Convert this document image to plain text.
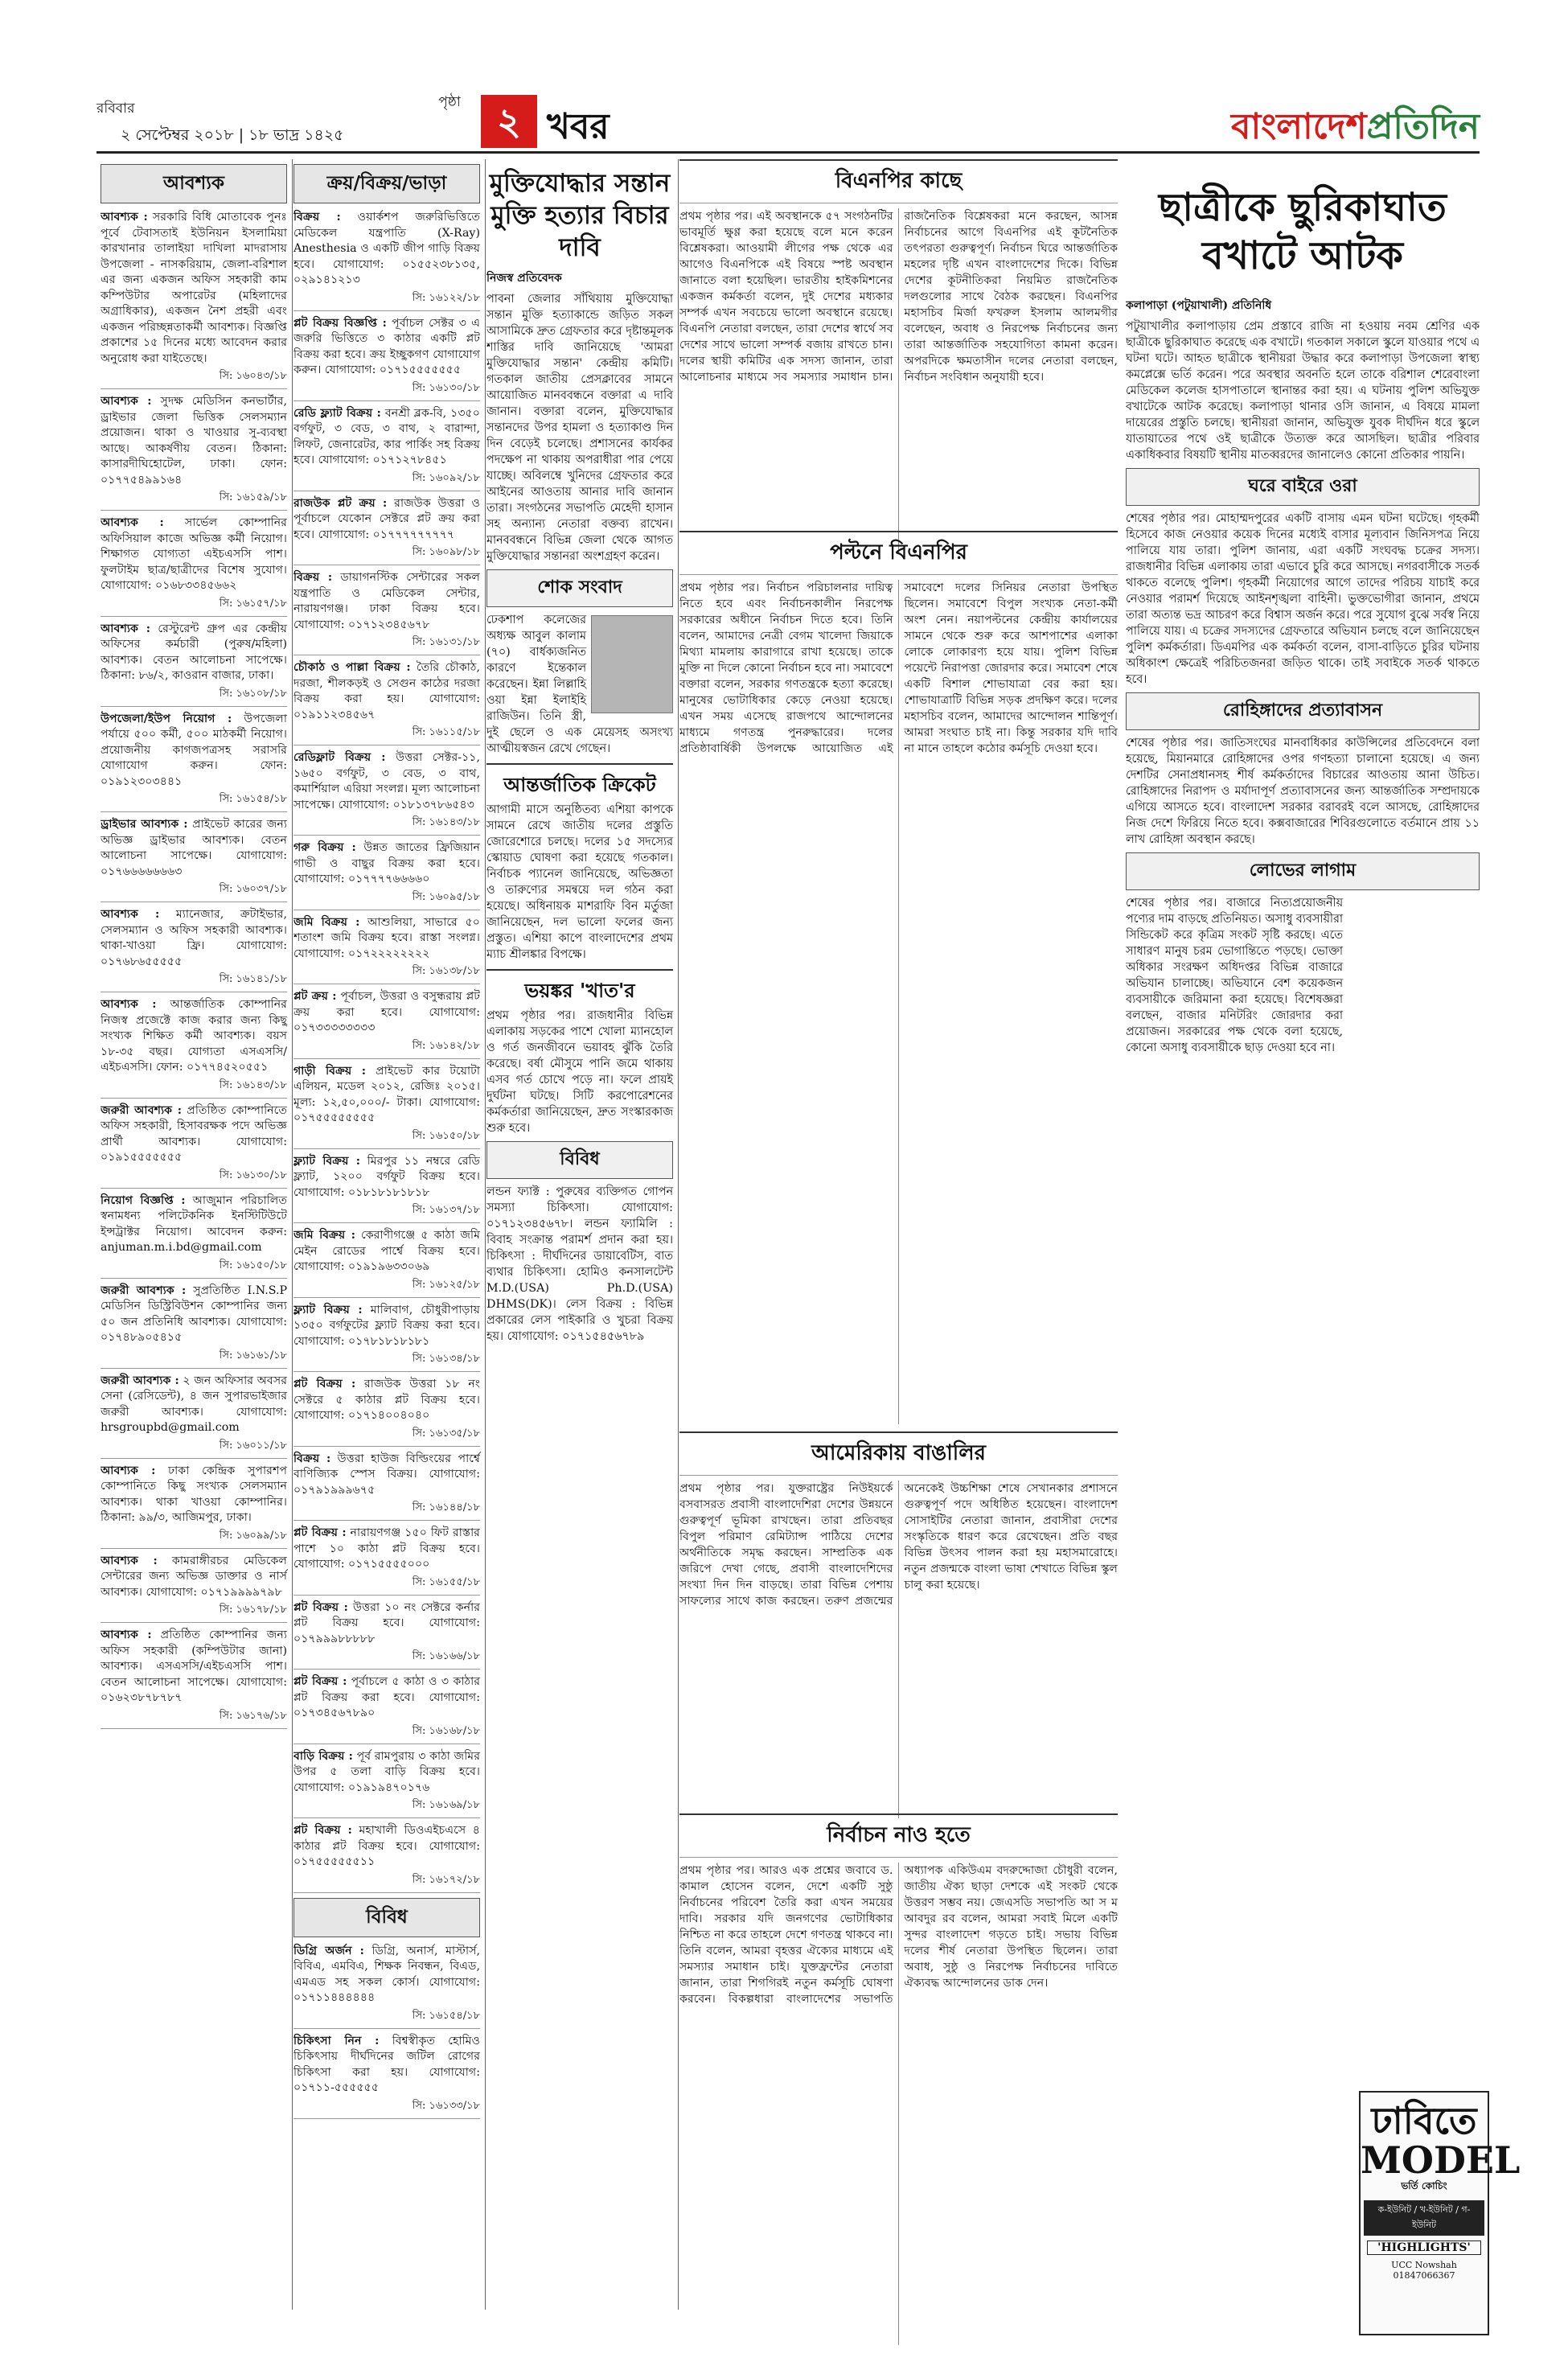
রবিবার
২ সেপ্টেম্বর ২০১৮ | ১৮ ভাদ্র ১৪২৫
পৃষ্ঠা ২ খবর	বাংলাদেশপ্রতিদিন
আবশ্যক
আবশ্যক : সরকারি বিধি মোতাবেক পুনঃ পূর্বে টেবাসতাই ইউনিয়ন ইসলামিয়া কারখানার তালাইয়া দাখিলা মাদরাসায় উপজেলা - নাসকরিয়াম, জেলা-বরিশাল এর জন্য একজন অফিস সহকারী কাম কম্পিউটার অপারেটর (মহিলাদের অগ্রাধিকার), একজন নৈশ প্রহরী এবং একজন পরিচ্ছন্নতাকর্মী আবশ্যক। বিজ্ঞপ্তি প্রকাশের ১৫ দিনের মধ্যে আবেদন করার অনুরোধ করা যাইতেছে।
সি: ১৬০৪৩/১৮
আবশ্যক : সুদক্ষ মেডিসিন কনভার্টার, ড্রাইভার জেলা ভিত্তিক সেলসম্যান প্রয়োজন। থাকা ও খাওয়ার সু-ব্যবস্থা আছে। আকর্ষণীয় বেতন। ঠিকানা: কাসারদীঘিহোটেল, ঢাকা। ফোন: ০১৭৭৫৪৯৯১৬৪
সি: ১৬১৫৯/১৮
আবশ্যক : সার্ভেল কোম্পানির অফিসিয়াল কাজে অভিজ্ঞ কর্মী নিয়োগ। শিক্ষাগত যোগ্যতা এইচএসসি পাশ। ফুলটাইম ছাত্র/ছাত্রীদের বিশেষ সুযোগ। যোগাযোগ: ০১৬৮৩৩৪৫৬৬২
সি: ১৬১৫৭/১৮
আবশ্যক : রেস্টুরেন্ট গ্রুপ এর কেন্দ্রীয় অফিসের কর্মচারী (পুরুষ/মহিলা) আবশ্যক। বেতন আলোচনা সাপেক্ষে। ঠিকানা: ৮৬/২, কাওরান বাজার, ঢাকা।
সি: ১৬১০৮/১৮
উপজেলা/ইউপ নিয়োগ : উপজেলা পর্যায়ে ৫০০ কর্মী, ৫০০ মাঠকর্মী নিয়োগ। প্রয়োজনীয় কাগজপত্রসহ সরাসরি যোগাযোগ করুন। ফোন: ০১৯১২৩০৩৪৪১
সি: ১৬১৫৪/১৮
ড্রাইভার আবশ্যক : প্রাইভেট কারের জন্য অভিজ্ঞ ড্রাইভার আবশ্যক। বেতন আলোচনা সাপেক্ষে। যোগাযোগ: ০১৭৬৬৬৬৬৬৬৩
সি: ১৬০৩৭/১৮
আবশ্যক : ম্যানেজার, ক্রটাইভার, সেলসম্যান ও অফিস সহকারী আবশ্যক। থাকা-খাওয়া ফ্রি। যোগাযোগ: ০১৭৬৮৬৫৫৫৫৫
সি: ১৬১৪১/১৮
আবশ্যক : আন্তর্জাতিক কোম্পানির নিজস্ব প্রজেক্টে কাজ করার জন্য কিছু সংখ্যক শিক্ষিত কর্মী আবশ্যক। বয়স ১৮-৩৫ বছর। যোগ্যতা এসএসসি/এইচএসসি। ফোন: ০১৭৭৪৫২০৫৫১
সি: ১৬১৪৩/১৮
জরুরী আবশ্যক : প্রতিষ্ঠিত কোম্পানিতে অফিস সহকারী, হিসাবরক্ষক পদে অভিজ্ঞ প্রার্থী আবশ্যক। যোগাযোগ: ০১৯১৫৫৫৫৫৫৫
সি: ১৬১৩০/১৮
নিয়োগ বিজ্ঞপ্তি : আজুমান পরিচালিত স্বনামধন্য পলিটেকনিক ইনস্টিটিউটে ইন্সট্রাক্টর নিয়োগ। আবেদন করুন: anjuman.m.i.bd@gmail.com
সি: ১৬১৫০/১৮
জরুরী আবশ্যক : সুপ্রতিষ্ঠিত I.N.S.P মেডিসিন ডিস্ট্রিবিউশন কোম্পানির জন্য ৫০ জন প্রতিনিধি আবশ্যক। যোগাযোগ: ০১৭৪৮৯০৫৪১৫
সি: ১৬১৬১/১৮
জরুরী আবশ্যক : ২ জন অফিসার অবসর সেনা (রেসিডেন্ট), ৪ জন সুপারভাইজার জরুরী আবশ্যক। যোগাযোগ: hrsgroupbd@gmail.com
সি: ১৬০১১/১৮
আবশ্যক : ঢাকা কেন্দ্রিক সুপারশপ কোম্পানিতে কিছু সংখ্যক সেলসম্যান আবশ্যক। থাকা খাওয়া কোম্পানির। ঠিকানা: ৯৯/৩, আজিমপুর, ঢাকা।
সি: ১৬০৯৯/১৮
আবশ্যক : কামরাঙ্গীরচর মেডিকেল সেন্টারের জন্য অভিজ্ঞ ডাক্তার ও নার্স আবশ্যক। যোগাযোগ: ০১৭১৯৯৯৯৭৯৮
সি: ১৬১৭৮/১৮
আবশ্যক : প্রতিষ্ঠিত কোম্পানির জন্য অফিস সহকারী (কম্পিউটার জানা) আবশ্যক। এসএসসি/এইচএসসি পাশ। বেতন আলোচনা সাপেক্ষে। যোগাযোগ: ০১৬২৩৮৭৮৭৮৭
সি: ১৬১৭৬/১৮
ক্রয়/বিক্রয়/ভাড়া
বিক্রয় : ওয়ার্কশপ জরুরিভিত্তিতে মেডিকেল যন্ত্রপাতি (X-Ray) Anesthesia ও একটি জীপ গাড়ি বিক্রয় হবে। যোগাযোগ: ০১৫৫২৩৮১৩৫, ০২৯১৪১২১৩
সি: ১৬১২২/১৮
প্লট বিক্রয় বিজ্ঞপ্তি : পূর্বাচল সেক্টর ৩ এ জরুরি ভিত্তিতে ৩ কাঠার একটি প্লট বিক্রয় করা হবে। ক্রয় ইচ্ছুকগণ যোগাযোগ করুন। যোগাযোগ: ০১৭১৫৫৫৫৫৫৫
সি: ১৬১৩০/১৮
রেডি ফ্ল্যাট বিক্রয় : বনশ্রী ব্লক-বি, ১৩৫০ বর্গফুট, ৩ বেড, ৩ বাথ, ২ বারান্দা, লিফট, জেনারেটর, কার পার্কিং সহ বিক্রয় হবে। যোগাযোগ: ০১৭১২৭৮৪৫১
সি: ১৬০৯২/১৮
রাজউক প্লট ক্রয় : রাজউক উত্তরা ও পূর্বাচলে যেকোন সেক্টরে প্লট ক্রয় করা হবে। যোগাযোগ: ০১৭৭৭৭৭৭৭৭৭
সি: ১৬০৯৮/১৮
বিক্রয় : ডায়াগনস্টিক সেন্টারের সকল যন্ত্রপাতি ও মেডিকেল সেন্টার, নারায়ণগঞ্জ। ঢাকা বিক্রয় হবে। যোগাযোগ: ০১৭১২৩৪৫৬৭৮
সি: ১৬১৩১/১৮
চৌকাঠ ও পাল্লা বিক্রয় : তৈরি চৌকাঠ, দরজা, শীলকড়ই ও সেগুন কাঠের দরজা বিক্রয় করা হয়। যোগাযোগ: ০১৯১১২৩৪৫৬৭
সি: ১৬১১৫/১৮
রেডিফ্লাট বিক্রয় : উত্তরা সেক্টর-১১, ১৬৫০ বর্গফুট, ৩ বেড, ৩ বাথ, কমার্শিয়াল এরিয়া সংলগ্ন। মূল্য আলোচনা সাপেক্ষে। যোগাযোগ: ০১৮১৩৭৮৬৫৪৩
সি: ১৬১৪৩/১৮
গরু বিক্রয় : উন্নত জাতের ফ্রিজিয়ান গাভী ও বাছুর বিক্রয় করা হবে। যোগাযোগ: ০১৭৭৭৭৬৬৬৬০
সি: ১৬০৯৫/১৮
জমি বিক্রয় : আশুলিয়া, সাভারে ৫০ শতাংশ জমি বিক্রয় হবে। রাস্তা সংলগ্ন। যোগাযোগ: ০১৭২২২২২২২২
সি: ১৬১৩৮/১৮
প্লট ক্রয় : পূর্বাচল, উত্তরা ও বসুন্ধরায় প্লট ক্রয় করা হবে। যোগাযোগ: ০১৭৩৩৩৩৩৩৩৩
সি: ১৬১৪২/১৮
গাড়ী বিক্রয় : প্রাইভেট কার টয়োটা এলিয়ন, মডেল ২০১২, রেজিঃ ২০১৫। মূল্য: ১২,৫০,০০০/- টাকা। যোগাযোগ: ০১৭৫৫৫৫৫৫৫৫
সি: ১৬১৫০/১৮
ফ্ল্যাট বিক্রয় : মিরপুর ১১ নম্বরে রেডি ফ্ল্যাট, ১২০০ বর্গফুট বিক্রয় হবে। যোগাযোগ: ০১৮১৮১৮১৮১৮
সি: ১৬১৩৭/১৮
জমি বিক্রয় : কেরাণীগঞ্জে ৫ কাঠা জমি মেইন রোডের পার্শ্বে বিক্রয় হবে। যোগাযোগ: ০১৯১৯৬৩৩০৬৯
সি: ১৬১২৫/১৮
ফ্ল্যাট বিক্রয় : মালিবাগ, চৌধুরীপাড়ায় ১৩৫০ বর্গফুটের ফ্ল্যাট বিক্রয় করা হবে। যোগাযোগ: ০১৭৮১৮১৮১৮১
সি: ১৬১৩৪/১৮
প্লট বিক্রয় : রাজউক উত্তরা ১৮ নং সেক্টরে ৫ কাঠার প্লট বিক্রয় হবে। যোগাযোগ: ০১৭১৪০০৪০৪০
সি: ১৬১৩৫/১৮
বিক্রয় : উত্তরা হাউজ বিল্ডিংয়ের পার্শ্বে বাণিজ্যিক স্পেস বিক্রয়। যোগাযোগ: ০১৭৯১৯৯৯৬৭৫
সি: ১৬১৪৪/১৮
প্লট বিক্রয় : নারায়ণগঞ্জ ১৫০ ফিট রাস্তার পাশে ১০ কাঠা প্লট বিক্রয় হবে। যোগাযোগ: ০১৭১৫৫৫৫০০০
সি: ১৬১৫৫/১৮
প্লট বিক্রয় : উত্তরা ১০ নং সেক্টরে কর্নার প্লট বিক্রয় হবে। যোগাযোগ: ০১৭৯৯৯৮৮৮৮৮
সি: ১৬১৬৬/১৮
প্লট বিক্রয় : পূর্বাচলে ৫ কাঠা ও ৩ কাঠার প্লট বিক্রয় করা হবে। যোগাযোগ: ০১৭৩৪৫৬৭৮৯০
সি: ১৬১৬৮/১৮
বাড়ি বিক্রয় : পূর্ব রামপুরায় ৩ কাঠা জমির উপর ৫ তলা বাড়ি বিক্রয় হবে। যোগাযোগ: ০১৯১৯৪৭০১৭৬
সি: ১৬১৬৯/১৮
প্লট বিক্রয় : মহাখালী ডিওএইচএসে ৪ কাঠার প্লট বিক্রয় হবে। যোগাযোগ: ০১৭৫৫৫৫৫৫১১
সি: ১৬১৭২/১৮
বিবিধ
ডিগ্রি অর্জন : ডিগ্রি, অনার্স, মাস্টার্স, বিবিএ, এমবিএ, শিক্ষক নিবন্ধন, বিএড, এমএড সহ সকল কোর্স। যোগাযোগ: ০১৭১১৪৪৪৪৪৪
সি: ১৬১৫৪/১৮
চিকিৎসা নিন : বিশ্বস্বীকৃত হোমিও চিকিৎসায় দীর্ঘদিনের জটিল রোগের চিকিৎসা করা হয়। যোগাযোগ: ০১৭১১-৫৫৫৫৫৫
সি: ১৬১৩৩/১৮
মুক্তিযোদ্ধার সন্তান মুক্তি হত্যার বিচার দাবি
নিজস্ব প্রতিবেদক
পাবনা জেলার সাঁথিয়ায় মুক্তিযোদ্ধা সন্তান মুক্তি হত্যাকান্ডে জড়িত সকল আসামিকে দ্রুত গ্রেফতার করে দৃষ্টান্তমূলক শাস্তির দাবি জানিয়েছে 'আমরা মুক্তিযোদ্ধার সন্তান' কেন্দ্রীয় কমিটি। গতকাল জাতীয় প্রেসক্লাবের সামনে আয়োজিত মানববন্ধনে বক্তারা এ দাবি জানান। বক্তারা বলেন, মুক্তিযোদ্ধার সন্তানদের উপর হামলা ও হত্যাকাণ্ড দিন দিন বেড়েই চলেছে। প্রশাসনের কার্যকর পদক্ষেপ না থাকায় অপরাধীরা পার পেয়ে যাচ্ছে। অবিলম্বে খুনিদের গ্রেফতার করে আইনের আওতায় আনার দাবি জানান তারা। সংগঠনের সভাপতি মেহেদী হাসান সহ অন্যান্য নেতারা বক্তব্য রাখেন। মানববন্ধনে বিভিন্ন জেলা থেকে আগত মুক্তিযোদ্ধার সন্তানরা অংশগ্রহণ করেন।
শোক সংবাদ
ঢেকশাপ কলেজের অধ্যক্ষ আবুল কালাম (৭০) বার্ধক্যজনিত কারণে ইন্তেকাল করেছেন। ইন্না লিল্লাহি ওয়া ইন্না ইলাইহি রাজিউন। তিনি স্ত্রী, দুই ছেলে ও এক মেয়েসহ অসংখ্য আত্মীয়স্বজন রেখে গেছেন।
আন্তর্জাতিক ক্রিকেট
আগামী মাসে অনুষ্ঠিতব্য এশিয়া কাপকে সামনে রেখে জাতীয় দলের প্রস্তুতি জোরেশোরে চলছে। দলের ১৫ সদস্যের স্কোয়াড ঘোষণা করা হয়েছে গতকাল। নির্বাচক প্যানেল জানিয়েছে, অভিজ্ঞতা ও তারুণ্যের সমন্বয়ে দল গঠন করা হয়েছে। অধিনায়ক মাশরাফি বিন মর্তুজা জানিয়েছেন, দল ভালো ফলের জন্য প্রস্তুত। এশিয়া কাপে বাংলাদেশের প্রথম ম্যাচ শ্রীলঙ্কার বিপক্ষে।
ভয়ঙ্কর 'খাত'র
প্রথম পৃষ্ঠার পর। রাজধানীর বিভিন্ন এলাকায় সড়কের পাশে খোলা ম্যানহোল ও গর্ত জনজীবনে ভয়াবহ ঝুঁকি তৈরি করেছে। বর্ষা মৌসুমে পানি জমে থাকায় এসব গর্ত চোখে পড়ে না। ফলে প্রায়ই দুর্ঘটনা ঘটছে। সিটি করপোরেশনের কর্মকর্তারা জানিয়েছেন, দ্রুত সংস্কারকাজ শুরু হবে।
বিবিধ
লন্ডন ফ্যাক্ট : পুরুষের ব্যক্তিগত গোপন সমস্যা চিকিৎসা। যোগাযোগ: ০১৭১২৩৪৫৬৭৮। লন্ডন ফ্যামিলি : বিবাহ সংক্রান্ত পরামর্শ প্রদান করা হয়। চিকিৎসা : দীর্ঘদিনের ডায়াবেটিস, বাত ব্যথার চিকিৎসা। হোমিও কনসালটেন্ট M.D.(USA) Ph.D.(USA) DHMS(DK)। লেস বিক্রয় : বিভিন্ন প্রকারের লেস পাইকারি ও খুচরা বিক্রয় হয়। যোগাযোগ: ০১৭১৫৪৫৬৭৮৯
বিএনপির কাছে
প্রথম পৃষ্ঠার পর। এই অবস্থানকে ৫৭ সংগঠনটির ভাবমূর্তি ক্ষুণ্ণ করা হয়েছে বলে মনে করেন বিশ্লেষকরা। আওয়ামী লীগের পক্ষ থেকে এর আগেও বিএনপিকে এই বিষয়ে স্পষ্ট অবস্থান জানাতে বলা হয়েছিল। ভারতীয় হাইকমিশনের একজন কর্মকর্তা বলেন, দুই দেশের মধ্যকার সম্পর্ক এখন সবচেয়ে ভালো অবস্থানে রয়েছে। বিএনপি নেতারা বলছেন, তারা দেশের স্বার্থে সব দেশের সাথে ভালো সম্পর্ক বজায় রাখতে চান। দলের স্থায়ী কমিটির এক সদস্য জানান, তারা আলোচনার মাধ্যমে সব সমস্যার সমাধান চান। রাজনৈতিক বিশ্লেষকরা মনে করছেন, আসন্ন নির্বাচনের আগে বিএনপির এই কূটনৈতিক তৎপরতা গুরুত্বপূর্ণ। নির্বাচন ঘিরে আন্তর্জাতিক মহলের দৃষ্টি এখন বাংলাদেশের দিকে। বিভিন্ন দেশের কূটনীতিকরা নিয়মিত রাজনৈতিক দলগুলোর সাথে বৈঠক করছেন। বিএনপির মহাসচিব মির্জা ফখরুল ইসলাম আলমগীর বলেছেন, অবাধ ও নিরপেক্ষ নির্বাচনের জন্য তারা আন্তর্জাতিক সহযোগিতা কামনা করেন। অপরদিকে ক্ষমতাসীন দলের নেতারা বলছেন, নির্বাচন সংবিধান অনুযায়ী হবে।
পল্টনে বিএনপির
প্রথম পৃষ্ঠার পর। নির্বাচন পরিচালনার দায়িত্ব নিতে হবে এবং নির্বাচনকালীন নিরপেক্ষ সরকারের অধীনে নির্বাচন দিতে হবে। তিনি বলেন, আমাদের নেত্রী বেগম খালেদা জিয়াকে মিথ্যা মামলায় কারাগারে রাখা হয়েছে। তাকে মুক্তি না দিলে কোনো নির্বাচন হবে না। সমাবেশে বক্তারা বলেন, সরকার গণতন্ত্রকে হত্যা করেছে। মানুষের ভোটাধিকার কেড়ে নেওয়া হয়েছে। এখন সময় এসেছে রাজপথে আন্দোলনের মাধ্যমে গণতন্ত্র পুনরুদ্ধারের। দলের প্রতিষ্ঠাবার্ষিকী উপলক্ষে আয়োজিত এই সমাবেশে দলের সিনিয়র নেতারা উপস্থিত ছিলেন। সমাবেশে বিপুল সংখ্যক নেতা-কর্মী অংশ নেন। নয়াপল্টনের কেন্দ্রীয় কার্যালয়ের সামনে থেকে শুরু করে আশপাশের এলাকা লোকে লোকারণ্য হয়ে যায়। পুলিশ বিভিন্ন পয়েন্টে নিরাপত্তা জোরদার করে। সমাবেশ শেষে একটি বিশাল শোভাযাত্রা বের করা হয়। শোভাযাত্রাটি বিভিন্ন সড়ক প্রদক্ষিণ করে। দলের মহাসচিব বলেন, আমাদের আন্দোলন শান্তিপূর্ণ। আমরা সংঘাত চাই না। কিন্তু সরকার যদি দাবি না মানে তাহলে কঠোর কর্মসূচি দেওয়া হবে।
আমেরিকায় বাঙালির
প্রথম পৃষ্ঠার পর। যুক্তরাষ্ট্রের নিউইয়র্কে বসবাসরত প্রবাসী বাংলাদেশিরা দেশের উন্নয়নে গুরুত্বপূর্ণ ভূমিকা রাখছেন। তারা প্রতিবছর বিপুল পরিমাণ রেমিট্যান্স পাঠিয়ে দেশের অর্থনীতিকে সমৃদ্ধ করছেন। সাম্প্রতিক এক জরিপে দেখা গেছে, প্রবাসী বাংলাদেশিদের সংখ্যা দিন দিন বাড়ছে। তারা বিভিন্ন পেশায় সাফল্যের সাথে কাজ করছেন। তরুণ প্রজন্মের অনেকেই উচ্চশিক্ষা শেষে সেখানকার প্রশাসনে গুরুত্বপূর্ণ পদে অধিষ্ঠিত হয়েছেন। বাংলাদেশ সোসাইটির নেতারা জানান, প্রবাসীরা দেশের সংস্কৃতিকে ধারণ করে রেখেছেন। প্রতি বছর বিভিন্ন উৎসব পালন করা হয় মহাসমারোহে। নতুন প্রজন্মকে বাংলা ভাষা শেখাতে বিভিন্ন স্কুল চালু করা হয়েছে।
নির্বাচন নাও হতে
প্রথম পৃষ্ঠার পর। আরও এক প্রশ্নের জবাবে ড. কামাল হোসেন বলেন, দেশে একটি সুষ্ঠু নির্বাচনের পরিবেশ তৈরি করা এখন সময়ের দাবি। সরকার যদি জনগণের ভোটাধিকার নিশ্চিত না করে তাহলে দেশে গণতন্ত্র থাকবে না। তিনি বলেন, আমরা বৃহত্তর ঐক্যের মাধ্যমে এই সমস্যার সমাধান চাই। যুক্তফ্রন্টের নেতারা জানান, তারা শিগগিরই নতুন কর্মসূচি ঘোষণা করবেন। বিকল্পধারা বাংলাদেশের সভাপতি অধ্যাপক একিউএম বদরুদ্দোজা চৌধুরী বলেন, জাতীয় ঐক্য ছাড়া দেশকে এই সংকট থেকে উত্তরণ সম্ভব নয়। জেএসডি সভাপতি আ স ম আবদুর রব বলেন, আমরা সবাই মিলে একটি সুন্দর বাংলাদেশ গড়তে চাই। সভায় বিভিন্ন দলের শীর্ষ নেতারা উপস্থিত ছিলেন। তারা অবাধ, সুষ্ঠু ও নিরপেক্ষ নির্বাচনের দাবিতে ঐক্যবদ্ধ আন্দোলনের ডাক দেন।
ছাত্রীকে ছুরিকাঘাত বখাটে আটক
কলাপাড়া (পটুয়াখালী) প্রতিনিধি
পটুয়াখালীর কলাপাড়ায় প্রেম প্রস্তাবে রাজি না হওয়ায় নবম শ্রেণির এক ছাত্রীকে ছুরিকাঘাত করেছে এক বখাটে। গতকাল সকালে স্কুলে যাওয়ার পথে এ ঘটনা ঘটে। আহত ছাত্রীকে স্থানীয়রা উদ্ধার করে কলাপাড়া উপজেলা স্বাস্থ্য কমপ্লেক্সে ভর্তি করেন। পরে অবস্থার অবনতি হলে তাকে বরিশাল শেরেবাংলা মেডিকেল কলেজ হাসপাতালে স্থানান্তর করা হয়। এ ঘটনায় পুলিশ অভিযুক্ত বখাটেকে আটক করেছে। কলাপাড়া থানার ওসি জানান, এ বিষয়ে মামলা দায়েরের প্রস্তুতি চলছে। স্থানীয়রা জানান, অভিযুক্ত যুবক দীর্ঘদিন ধরে স্কুলে যাতায়াতের পথে ওই ছাত্রীকে উত্যক্ত করে আসছিল। ছাত্রীর পরিবার একাধিকবার বিষয়টি স্থানীয় মাতব্বরদের জানালেও কোনো প্রতিকার পায়নি।
ঘরে বাইরে ওরা
শেষের পৃষ্ঠার পর। মোহাম্মদপুরের একটি বাসায় এমন ঘটনা ঘটেছে। গৃহকর্মী হিসেবে কাজ নেওয়ার কয়েক দিনের মধ্যেই বাসার মূল্যবান জিনিসপত্র নিয়ে পালিয়ে যায় তারা। পুলিশ জানায়, এরা একটি সংঘবদ্ধ চক্রের সদস্য। রাজধানীর বিভিন্ন এলাকায় তারা এভাবে চুরি করে আসছে। নগরবাসীকে সতর্ক থাকতে বলেছে পুলিশ। গৃহকর্মী নিয়োগের আগে তাদের পরিচয় যাচাই করে নেওয়ার পরামর্শ দিয়েছে আইনশৃঙ্খলা বাহিনী। ভুক্তভোগীরা জানান, প্রথমে তারা অত্যন্ত ভদ্র আচরণ করে বিশ্বাস অর্জন করে। পরে সুযোগ বুঝে সর্বস্ব নিয়ে পালিয়ে যায়। এ চক্রের সদস্যদের গ্রেফতারে অভিযান চলছে বলে জানিয়েছেন পুলিশ কর্মকর্তারা। ডিএমপির এক কর্মকর্তা বলেন, বাসা-বাড়িতে চুরির ঘটনায় অধিকাংশ ক্ষেত্রেই পরিচিতজনরা জড়িত থাকে। তাই সবাইকে সতর্ক থাকতে হবে।
রোহিঙ্গাদের প্রত্যাবাসন
শেষের পৃষ্ঠার পর। জাতিসংঘের মানবাধিকার কাউন্সিলের প্রতিবেদনে বলা হয়েছে, মিয়ানমারে রোহিঙ্গাদের ওপর গণহত্যা চালানো হয়েছে। এ জন্য দেশটির সেনাপ্রধানসহ শীর্ষ কর্মকর্তাদের বিচারের আওতায় আনা উচিত। রোহিঙ্গাদের নিরাপদ ও মর্যাদাপূর্ণ প্রত্যাবাসনের জন্য আন্তর্জাতিক সম্প্রদায়কে এগিয়ে আসতে হবে। বাংলাদেশ সরকার বরাবরই বলে আসছে, রোহিঙ্গাদের নিজ দেশে ফিরিয়ে নিতে হবে। কক্সবাজারের শিবিরগুলোতে বর্তমানে প্রায় ১১ লাখ রোহিঙ্গা অবস্থান করছে।
লোভের লাগাম
শেষের পৃষ্ঠার পর। বাজারে নিত্যপ্রয়োজনীয় পণ্যের দাম বাড়ছে প্রতিনিয়ত। অসাধু ব্যবসায়ীরা সিন্ডিকেট করে কৃত্রিম সংকট সৃষ্টি করছে। এতে সাধারণ মানুষ চরম ভোগান্তিতে পড়ছে। ভোক্তা অধিকার সংরক্ষণ অধিদপ্তর বিভিন্ন বাজারে অভিযান চালাচ্ছে। অভিযানে বেশ কয়েকজন ব্যবসায়ীকে জরিমানা করা হয়েছে। বিশেষজ্ঞরা বলছেন, বাজার মনিটরিং জোরদার করা প্রয়োজন। সরকারের পক্ষ থেকে বলা হয়েছে, কোনো অসাধু ব্যবসায়ীকে ছাড় দেওয়া হবে না।
ঢাবিতে
MODEL
ভর্তি কোচিং
ক-ইউনিট / খ-ইউনিট / গ-ইউনিট
'HIGHLIGHTS'
UCC Nowshah 01847066367
